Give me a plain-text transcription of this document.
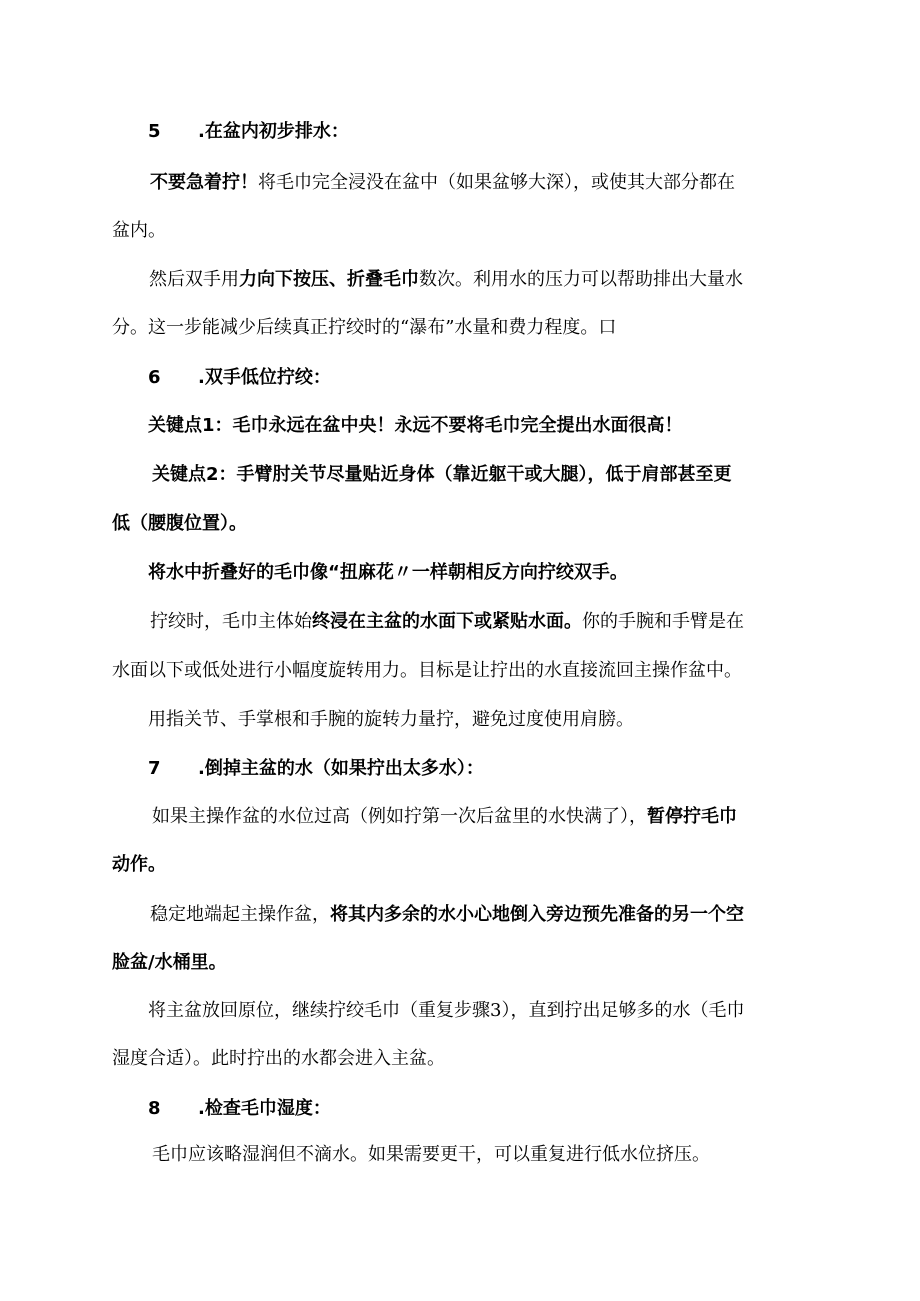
5 .在盆内初步排水：
不要急着拧！将毛巾完全浸没在盆中（如果盆够大深），或使其大部分都在
盆内。
然后双手用力向下按压、折叠毛巾数次。利用水的压力可以帮助排出大量水
分。这一步能减少后续真正拧绞时的“瀑布”水量和费力程度。口
6 .双手低位拧绞：
关键点1：毛巾永远在盆中央！永远不要将毛巾完全提出水面很高！
关键点2：手臂肘关节尽量贴近身体（靠近躯干或大腿），低于肩部甚至更
低（腰腹位置）。
将水中折叠好的毛巾像“扭麻花〃一样朝相反方向拧绞双手。
拧绞时，毛巾主体始终浸在主盆的水面下或紧贴水面。你的手腕和手臂是在
水面以下或低处进行小幅度旋转用力。目标是让拧出的水直接流回主操作盆中。
用指关节、手掌根和手腕的旋转力量拧，避免过度使用肩膀。
7 .倒掉主盆的水（如果拧出太多水）：
如果主操作盆的水位过高（例如拧第一次后盆里的水快满了），暂停拧毛巾
动作。
稳定地端起主操作盆，将其内多余的水小心地倒入旁边预先准备的另一个空
脸盆/水桶里。
将主盆放回原位，继续拧绞毛巾（重复步骤3），直到拧出足够多的水（毛巾
湿度合适）。此时拧出的水都会进入主盆。
8 .检查毛巾湿度：
毛巾应该略湿润但不滴水。如果需要更干，可以重复进行低水位挤压。
